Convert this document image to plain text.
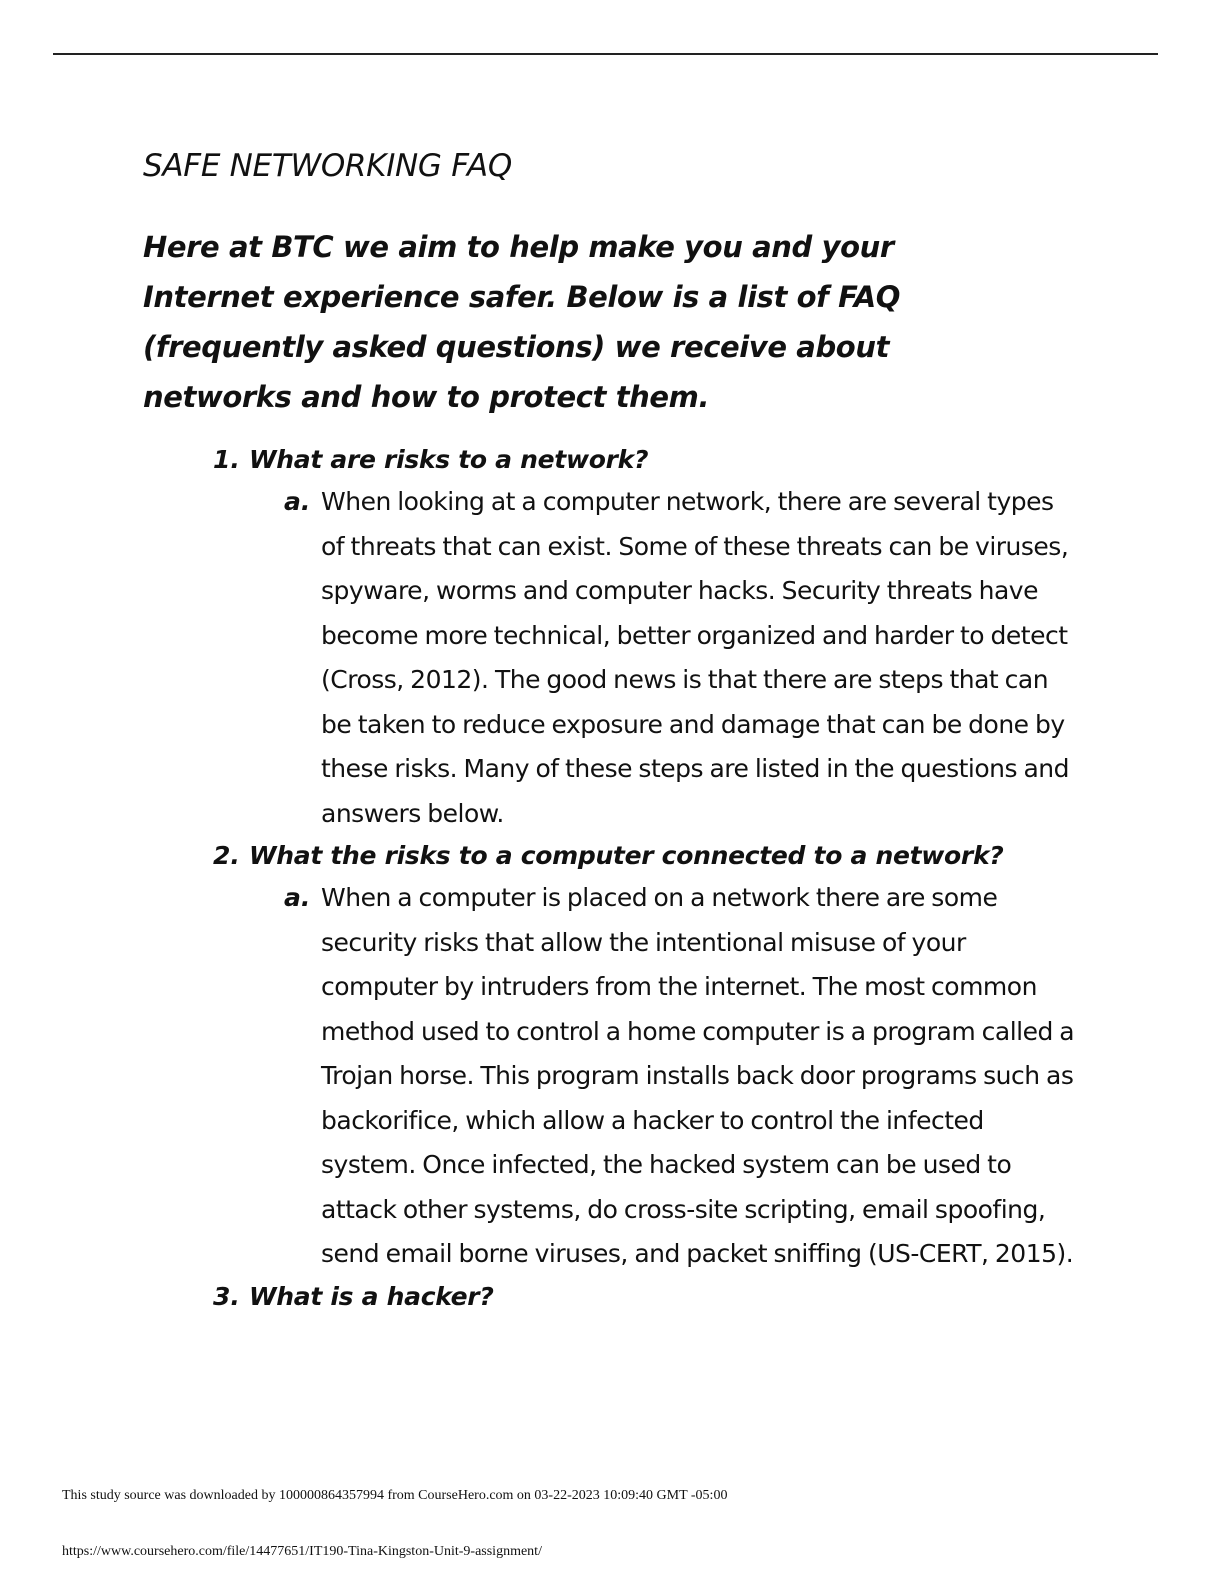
SAFE NETWORKING FAQ

Here at BTC we aim to help make you and your Internet experience safer. Below is a list of FAQ (frequently asked questions) we receive about networks and how to protect them.

1. What are risks to a network?
a. When looking at a computer network, there are several types of threats that can exist. Some of these threats can be viruses, spyware, worms and computer hacks. Security threats have become more technical, better organized and harder to detect (Cross, 2012). The good news is that there are steps that can be taken to reduce exposure and damage that can be done by these risks. Many of these steps are listed in the questions and answers below.

2. What the risks to a computer connected to a network?
a. When a computer is placed on a network there are some security risks that allow the intentional misuse of your computer by intruders from the internet. The most common method used to control a home computer is a program called a Trojan horse. This program installs back door programs such as backorifice, which allow a hacker to control the infected system. Once infected, the hacked system can be used to attack other systems, do cross-site scripting, email spoofing, send email borne viruses, and packet sniffing (US-CERT, 2015).

3. What is a hacker?
This study source was downloaded by 100000864357994 from CourseHero.com on 03-22-2023 10:09:40 GMT -05:00
https://www.coursehero.com/file/14477651/IT190-Tina-Kingston-Unit-9-assignment/
